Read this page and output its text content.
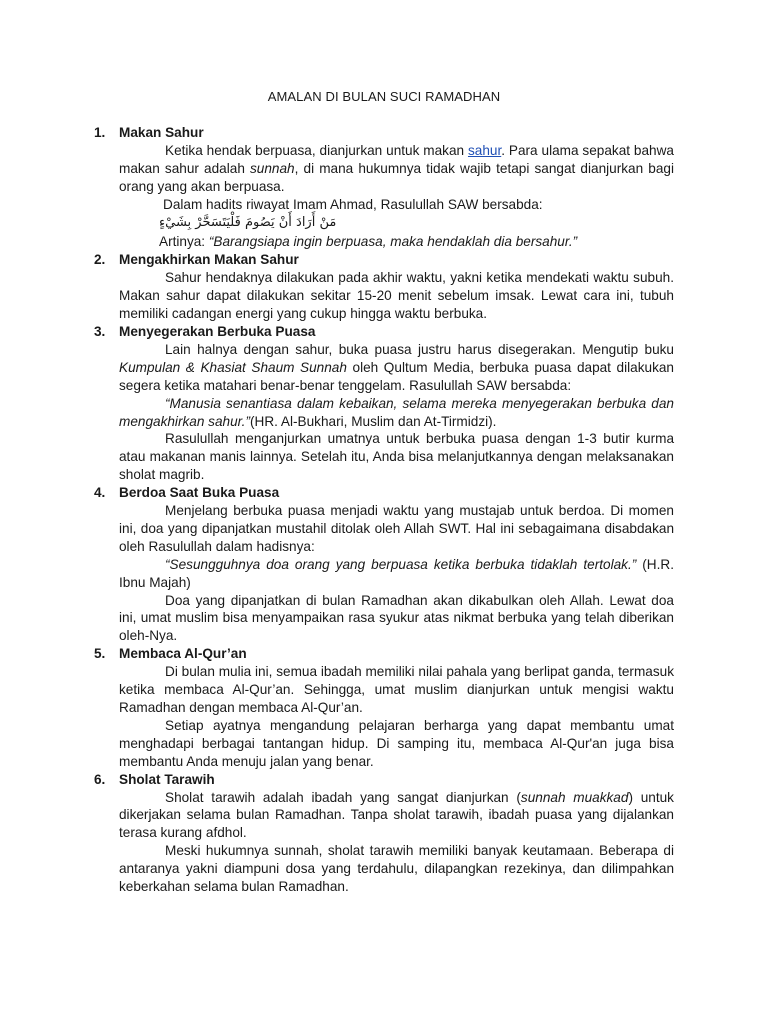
AMALAN DI BULAN SUCI RAMADHAN
1.	Makan Sahur

Ketika hendak berpuasa, dianjurkan untuk makan sahur. Para ulama sepakat bahwa makan sahur adalah sunnah, di mana hukumnya tidak wajib tetapi sangat dianjurkan bagi orang yang akan berpuasa.

Dalam hadits riwayat Imam Ahmad, Rasulullah SAW bersabda:

مَنْ أَرَادَ أَنْ يَصُومَ فَلْيَتَسَحَّرْ بِشَيْءٍ

Artinya: “Barangsiapa ingin berpuasa, maka hendaklah dia bersahur.”

2.	Mengakhirkan Makan Sahur

Sahur hendaknya dilakukan pada akhir waktu, yakni ketika mendekati waktu subuh. Makan sahur dapat dilakukan sekitar 15-20 menit sebelum imsak. Lewat cara ini, tubuh memiliki cadangan energi yang cukup hingga waktu berbuka.

3.	Menyegerakan Berbuka Puasa

Lain halnya dengan sahur, buka puasa justru harus disegerakan. Mengutip buku Kumpulan & Khasiat Shaum Sunnah oleh Qultum Media, berbuka puasa dapat dilakukan segera ketika matahari benar-benar tenggelam. Rasulullah SAW bersabda:

“Manusia senantiasa dalam kebaikan, selama mereka menyegerakan berbuka dan mengakhirkan sahur.”(HR. Al-Bukhari, Muslim dan At-Tirmidzi).

Rasulullah menganjurkan umatnya untuk berbuka puasa dengan 1-3 butir kurma atau makanan manis lainnya. Setelah itu, Anda bisa melanjutkannya dengan melaksanakan sholat magrib.

4.	Berdoa Saat Buka Puasa

Menjelang berbuka puasa menjadi waktu yang mustajab untuk berdoa. Di momen ini, doa yang dipanjatkan mustahil ditolak oleh Allah SWT. Hal ini sebagaimana disabdakan oleh Rasulullah dalam hadisnya:

“Sesungguhnya doa orang yang berpuasa ketika berbuka tidaklah tertolak.” (H.R. Ibnu Majah)

Doa yang dipanjatkan di bulan Ramadhan akan dikabulkan oleh Allah. Lewat doa ini, umat muslim bisa menyampaikan rasa syukur atas nikmat berbuka yang telah diberikan oleh-Nya.

5.	Membaca Al-Qur’an

Di bulan mulia ini, semua ibadah memiliki nilai pahala yang berlipat ganda, termasuk ketika membaca Al-Qur’an. Sehingga, umat muslim dianjurkan untuk mengisi waktu Ramadhan dengan membaca Al-Qur’an.

Setiap ayatnya mengandung pelajaran berharga yang dapat membantu umat menghadapi berbagai tantangan hidup. Di samping itu, membaca Al-Qur'an juga bisa membantu Anda menuju jalan yang benar.

6.	Sholat Tarawih

Sholat tarawih adalah ibadah yang sangat dianjurkan (sunnah muakkad) untuk dikerjakan selama bulan Ramadhan. Tanpa sholat tarawih, ibadah puasa yang dijalankan terasa kurang afdhol.

Meski hukumnya sunnah, sholat tarawih memiliki banyak keutamaan. Beberapa di antaranya yakni diampuni dosa yang terdahulu, dilapangkan rezekinya, dan dilimpahkan keberkahan selama bulan Ramadhan.
